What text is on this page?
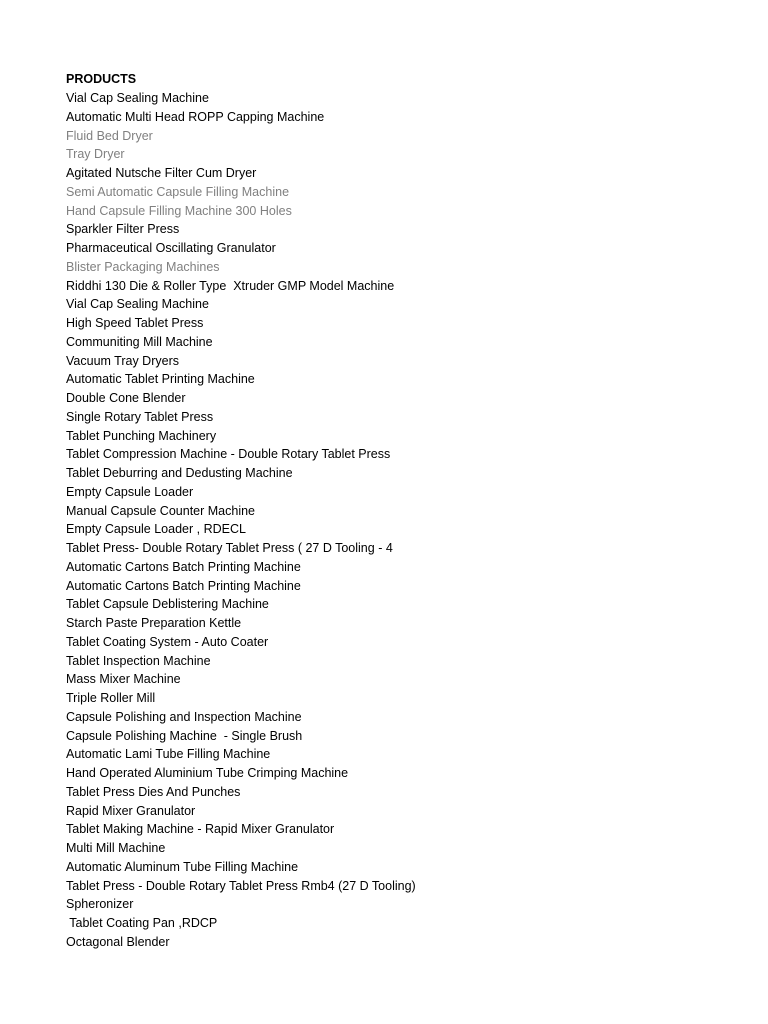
PRODUCTS
Vial Cap Sealing Machine
Automatic Multi Head ROPP Capping Machine
Fluid Bed Dryer
Tray Dryer
Agitated Nutsche Filter Cum Dryer
Semi Automatic Capsule Filling Machine
Hand Capsule Filling Machine 300 Holes
Sparkler Filter Press
Pharmaceutical Oscillating Granulator
Blister Packaging Machines
Riddhi 130 Die & Roller Type  Xtruder GMP Model Machine
Vial Cap Sealing Machine
High Speed Tablet Press
Communiting Mill Machine
Vacuum Tray Dryers
Automatic Tablet Printing Machine
Double Cone Blender
Single Rotary Tablet Press
Tablet Punching Machinery
Tablet Compression Machine - Double Rotary Tablet Press
Tablet Deburring and Dedusting Machine
Empty Capsule Loader
Manual Capsule Counter Machine
Empty Capsule Loader , RDECL
Tablet Press- Double Rotary Tablet Press ( 27 D Tooling - 4
Automatic Cartons Batch Printing Machine
Automatic Cartons Batch Printing Machine
Tablet Capsule Deblistering Machine
Starch Paste Preparation Kettle
Tablet Coating System - Auto Coater
Tablet Inspection Machine
Mass Mixer Machine
Triple Roller Mill
Capsule Polishing and Inspection Machine
Capsule Polishing Machine  - Single Brush
Automatic Lami Tube Filling Machine
Hand Operated Aluminium Tube Crimping Machine
Tablet Press Dies And Punches
Rapid Mixer Granulator
Tablet Making Machine - Rapid Mixer Granulator
Multi Mill Machine
Automatic Aluminum Tube Filling Machine
Tablet Press - Double Rotary Tablet Press Rmb4 (27 D Tooling)
Spheronizer
Tablet Coating Pan ,RDCP
Octagonal Blender
